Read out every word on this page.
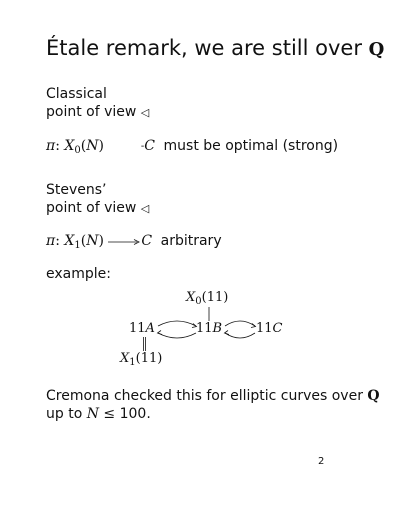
Étale remark, we are still over Q
Classical
point of view ◁
π: $X_0(N)$	-C must be optimal (strong)
Stevens’
point of view ◁
π: $X_1(N)$	C arbitrary
example:
$X_0(11)$
11A	11B	11C
$X_1(11)$
Cremona checked this for elliptic curves over Q
up to N ≤ 100.
2
